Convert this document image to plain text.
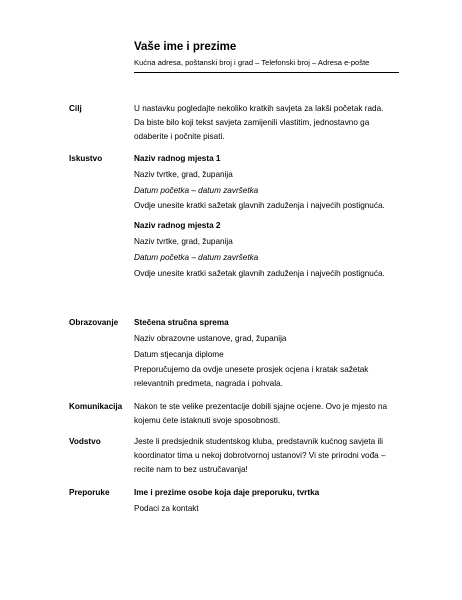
Vaše ime i prezime
Kućna adresa, poštanski broj i grad – Telefonski broj – Adresa e-pošte
Cilj	U nastavku pogledajte nekoliko kratkih savjeta za lakši početak rada. Da biste bilo koji tekst savjeta zamijenili vlastitim, jednostavno ga odaberite i počnite pisati.

Iskustvo	Naziv radnog mjesta 1

Naziv tvrtke, grad, županija

Datum početka – datum završetka

Ovdje unesite kratki sažetak glavnih zaduženja i najvećih postignuća.

Naziv radnog mjesta 2

Naziv tvrtke, grad, županija

Datum početka – datum završetka

Ovdje unesite kratki sažetak glavnih zaduženja i najvećih postignuća.

Obrazovanje Stečena stručna sprema

Naziv obrazovne ustanove, grad, županija

Datum stjecanja diplome

Preporučujemo da ovdje unesete prosjek ocjena i kratak sažetak relevantnih predmeta, nagrada i pohvala.

Komunikacija Nakon te ste velike prezentacije dobili sjajne ocjene. Ovo je mjesto na kojemu ćete istaknuti svoje sposobnosti.

Vodstvo	Jeste li predsjednik studentskog kluba, predstavnik kućnog savjeta ili koordinator tima u nekoj dobrotvornoj ustanovi? Vi ste prirodni vođa – recite nam to bez ustručavanja!

Preporuke	Ime i prezime osobe koja daje preporuku, tvrtka

Podaci za kontakt
